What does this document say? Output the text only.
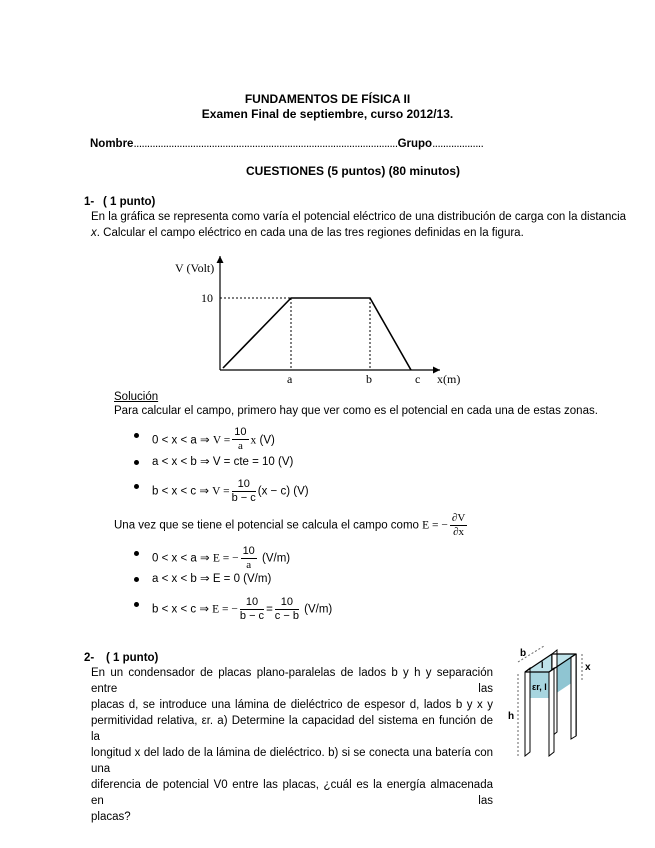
FUNDAMENTOS DE FÍSICA II
Examen Final de septiembre, curso 2012/13.
Nombre..................................................................................................Grupo...................
CUESTIONES (5 puntos) (80 minutos)
1- ( 1 punto)
En la gráfica se representa como varía el potencial eléctrico de una distribución de carga con la distancia
x. Calcular el campo eléctrico en cada una de las tres regiones definidas en la figura.
V (Volt)
10
a	b	c x(m)
Solución
Para calcular el campo, primero hay que ver como es el potencial en cada una de estas zonas.
0 < x < a ⇒ $V = \frac{10}{a}$ x (V)
a < x < b ⇒ V = cte = 10 (V)
b < x < c ⇒ $V = \frac{10}{b - c} (x - c)$ (V)
Una vez que se tiene el potencial se calcula el campo como E = − $\frac{\partial V}{\partial x}$
0 < x < a ⇒ E = − $\frac{10}{a} (V/m)$
a < x < b ⇒ E = 0 (V/m)
b < x < c ⇒ E = − $\frac{10}{b - c} = \frac{10}{c - b} (V/m)$
2- ( 1 punto)
En un condensador de placas plano-paralelas de lados b y h y separación entre las
placas d, se introduce una lámina de dieléctrico de espesor d, lados b y x y
permitividad relativa, εr. a) Determine la capacidad del sistema en función de la
longitud x del lado de la lámina de dieléctrico. b) si se conecta una batería con una
diferencia de potencial V0 entre las placas, ¿cuál es la energía almacenada en las
placas?
b
x
h
l
εr, l
